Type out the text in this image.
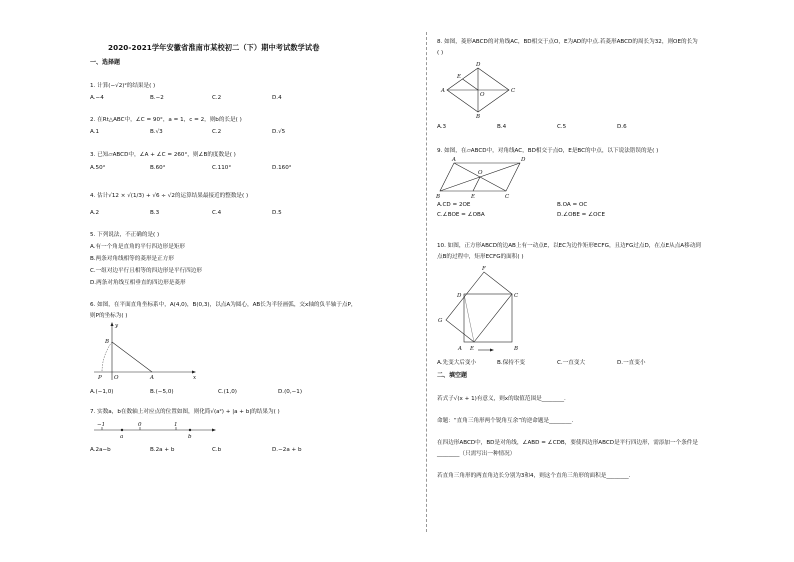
2020-2021学年安徽省淮南市某校初二（下）期中考试数学试卷
一、选择题
1. 计算(−√2)²的结果是( )
A.−4	B.−2	C.2	D.4
2. 在Rt△ABC中，∠C = 90°，a = 1，c = 2，则b的长是( )
A.1	B.√3	C.2	D.√5
3. 已知▱ABCD中，∠A + ∠C = 260°，则∠B的度数是( )
A.50°	B.60°	C.110°	D.160°
4. 估计√12 × √(1/3) + √6 ÷ √2的运算结果最接近的整数是( )
A.2	B.3	C.4	D.5
5. 下列说法，不正确的是( )
A.有一个角是直角的平行四边形是矩形
B.两条对角线相等的菱形是正方形
C.一组对边平行且相等的四边形是平行四边形
D.两条对角线互相垂直的四边形是菱形
6. 如图，在平面直角坐标系中，A(4,0)，B(0,3)，以点A为圆心，AB长为半径画弧，交x轴的负半轴于点P，
则P的坐标为( )
y
B
P O	A	x
A.(−1,0)	B.(−5,0)	C.(1,0)	D.(0,−1)
7. 实数a，b在数轴上对应点的位置如图，则化简√(a²) + |a + b|的结果为( )
−1
a
0	1
b
A.2a−b	B.2a + b	C.b	D.−2a + b
8. 如图，菱形ABCD的对角线AC，BD相交于点O，E为AD的中点.若菱形ABCD的周长为32，则OE的长为
( )
D
E
A
O
C
B
A.3	B.4	C.5	D.6
9. 如图，在▱ABCD中，对角线AC，BD相交于点O，E是BC的中点，以下说法错误的是( )
A	D
O
B	E	C
A.CD = 2OE	B.OA = OC
C.∠BOE = ∠OBA	D.∠OBE = ∠OCE
10. 如图，正方形ABCD的边AB上有一动点E，以EC为边作矩形ECFG，且边FG过点D，在点E从点A移动到
点B的过程中，矩形ECFG的面积( )
F
D	C
G
A E	B
A.先变大后变小	B.保持不变	C.一直变大	D.一直变小
二、填空题
若式子√(x + 1)有意义，则x的取值范围是________.
命题：“直角三角形两个锐角互余”的逆命题是________.
在四边形ABCD中，BD是对角线，∠ABD = ∠CDB，要使四边形ABCD是平行四边形，需添加一个条件是
________（只需写出一种情况）
若直角三角形的两直角边长分别为3和4，则这个直角三角形的面积是________.
